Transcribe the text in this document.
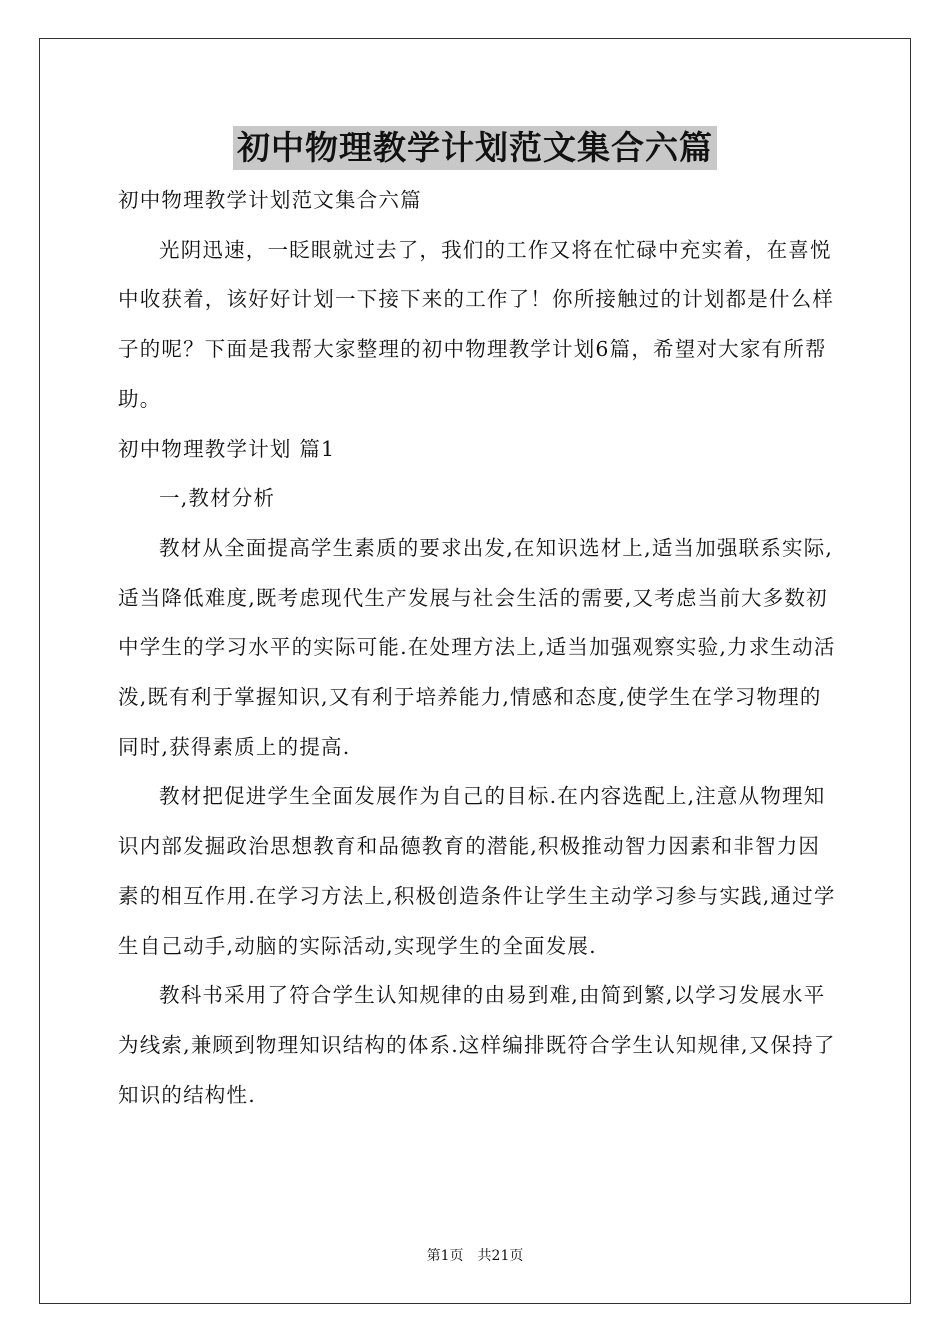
初中物理教学计划范文集合六篇

初中物理教学计划范文集合六篇

光阴迅速，一眨眼就过去了，我们的工作又将在忙碌中充实着，在喜悦中收获着，该好好计划一下接下来的工作了！你所接触过的计划都是什么样子的呢？下面是我帮大家整理的初中物理教学计划6篇，希望对大家有所帮助。

初中物理教学计划 篇1

一,教材分析

教材从全面提高学生素质的要求出发,在知识选材上,适当加强联系实际,适当降低难度,既考虑现代生产发展与社会生活的需要,又考虑当前大多数初中学生的学习水平的实际可能.在处理方法上,适当加强观察实验,力求生动活泼,既有利于掌握知识,又有利于培养能力,情感和态度,使学生在学习物理的同时,获得素质上的提高.

教材把促进学生全面发展作为自己的目标.在内容选配上,注意从物理知识内部发掘政治思想教育和品德教育的潜能,积极推动智力因素和非智力因素的相互作用.在学习方法上,积极创造条件让学生主动学习参与实践,通过学生自己动手,动脑的实际活动,实现学生的全面发展.

教科书采用了符合学生认知规律的由易到难,由简到繁,以学习发展水平为线索,兼顾到物理知识结构的体系.这样编排既符合学生认知规律,又保持了知识的结构性.

第1页 共21页
